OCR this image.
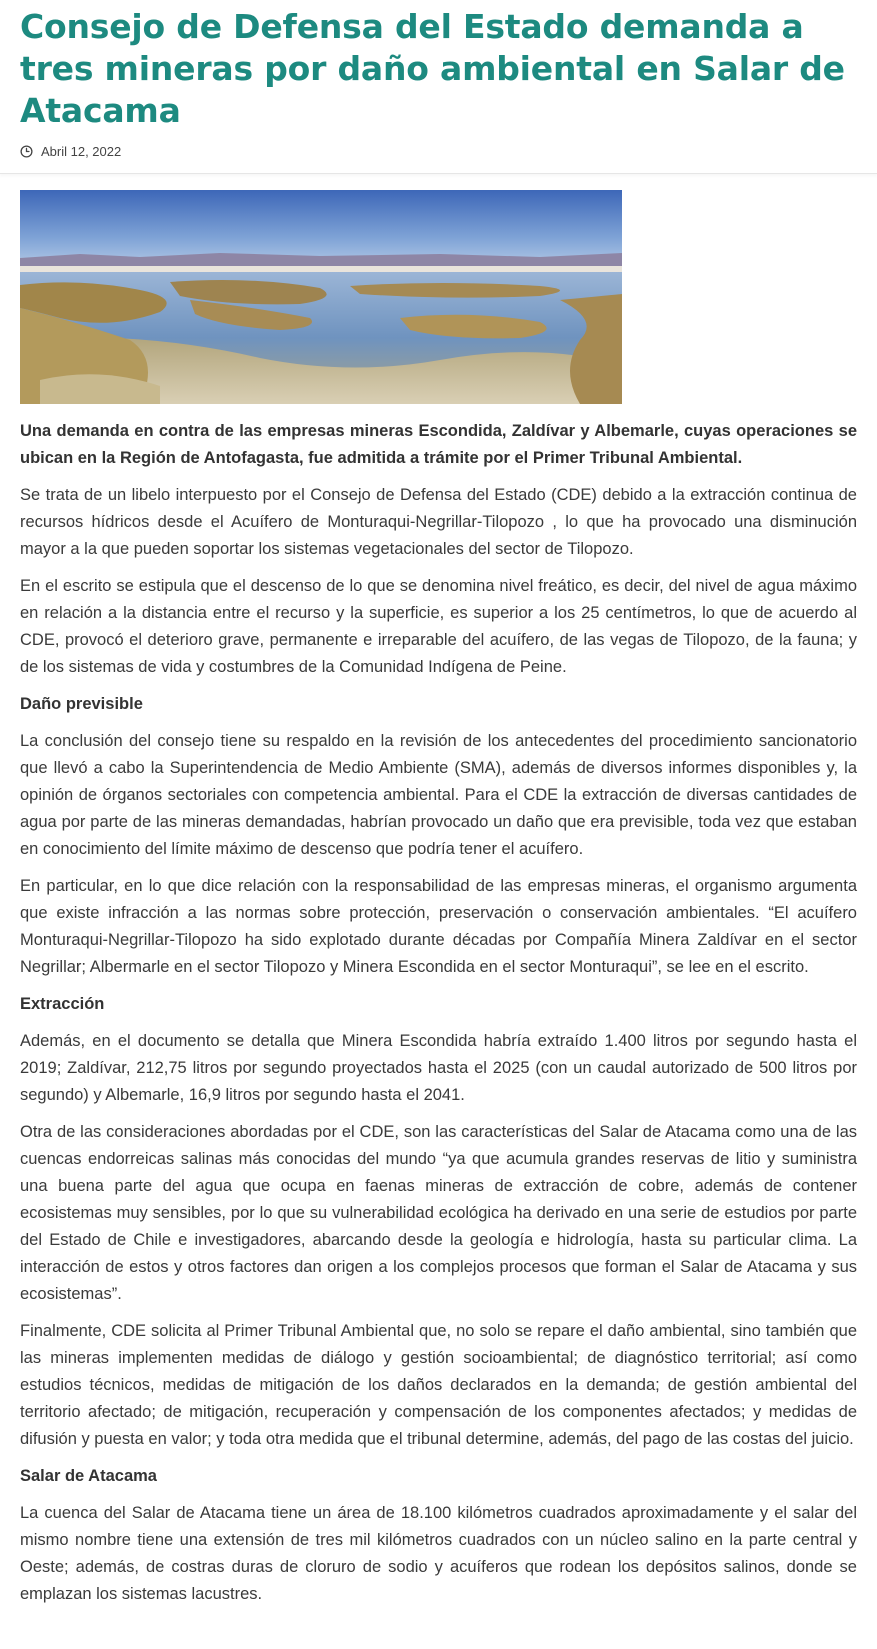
Consejo de Defensa del Estado demanda a tres mineras por daño ambiental en Salar de Atacama
Abril 12, 2022

Una demanda en contra de las empresas mineras Escondida, Zaldívar y Albemarle, cuyas operaciones se ubican en la Región de Antofagasta, fue admitida a trámite por el Primer Tribunal Ambiental.

Se trata de un libelo interpuesto por el Consejo de Defensa del Estado (CDE) debido a la extracción continua de recursos hídricos desde el Acuífero de Monturaqui-Negrillar-Tilopozo , lo que ha provocado una disminución mayor a la que pueden soportar los sistemas vegetacionales del sector de Tilopozo.

En el escrito se estipula que el descenso de lo que se denomina nivel freático, es decir, del nivel de agua máximo en relación a la distancia entre el recurso y la superficie, es superior a los 25 centímetros, lo que de acuerdo al CDE, provocó el deterioro grave, permanente e irreparable del acuífero, de las vegas de Tilopozo, de la fauna; y de los sistemas de vida y costumbres de la Comunidad Indígena de Peine.

Daño previsible

La conclusión del consejo tiene su respaldo en la revisión de los antecedentes del procedimiento sancionatorio que llevó a cabo la Superintendencia de Medio Ambiente (SMA), además de diversos informes disponibles y, la opinión de órganos sectoriales con competencia ambiental. Para el CDE la extracción de diversas cantidades de agua por parte de las mineras demandadas, habrían provocado un daño que era previsible, toda vez que estaban en conocimiento del límite máximo de descenso que podría tener el acuífero.

En particular, en lo que dice relación con la responsabilidad de las empresas mineras, el organismo argumenta que existe infracción a las normas sobre protección, preservación o conservación ambientales. “El acuífero Monturaqui-Negrillar-Tilopozo ha sido explotado durante décadas por Compañía Minera Zaldívar en el sector Negrillar; Albermarle en el sector Tilopozo y Minera Escondida en el sector Monturaqui”, se lee en el escrito.

Extracción

Además, en el documento se detalla que Minera Escondida habría extraído 1.400 litros por segundo hasta el 2019; Zaldívar, 212,75 litros por segundo proyectados hasta el 2025 (con un caudal autorizado de 500 litros por segundo) y Albemarle, 16,9 litros por segundo hasta el 2041.

Otra de las consideraciones abordadas por el CDE, son las características del Salar de Atacama como una de las cuencas endorreicas salinas más conocidas del mundo “ya que acumula grandes reservas de litio y suministra una buena parte del agua que ocupa en faenas mineras de extracción de cobre, además de contener ecosistemas muy sensibles, por lo que su vulnerabilidad ecológica ha derivado en una serie de estudios por parte del Estado de Chile e investigadores, abarcando desde la geología e hidrología, hasta su particular clima. La interacción de estos y otros factores dan origen a los complejos procesos que forman el Salar de Atacama y sus ecosistemas”.

Finalmente, CDE solicita al Primer Tribunal Ambiental que, no solo se repare el daño ambiental, sino también que las mineras implementen medidas de diálogo y gestión socioambiental; de diagnóstico territorial; así como estudios técnicos, medidas de mitigación de los daños declarados en la demanda; de gestión ambiental del territorio afectado; de mitigación, recuperación y compensación de los componentes afectados; y medidas de difusión y puesta en valor; y toda otra medida que el tribunal determine, además, del pago de las costas del juicio.

Salar de Atacama

La cuenca del Salar de Atacama tiene un área de 18.100 kilómetros cuadrados aproximadamente y el salar del mismo nombre tiene una extensión de tres mil kilómetros cuadrados con un núcleo salino en la parte central y Oeste; además, de costras duras de cloruro de sodio y acuíferos que rodean los depósitos salinos, donde se emplazan los sistemas lacustres.
